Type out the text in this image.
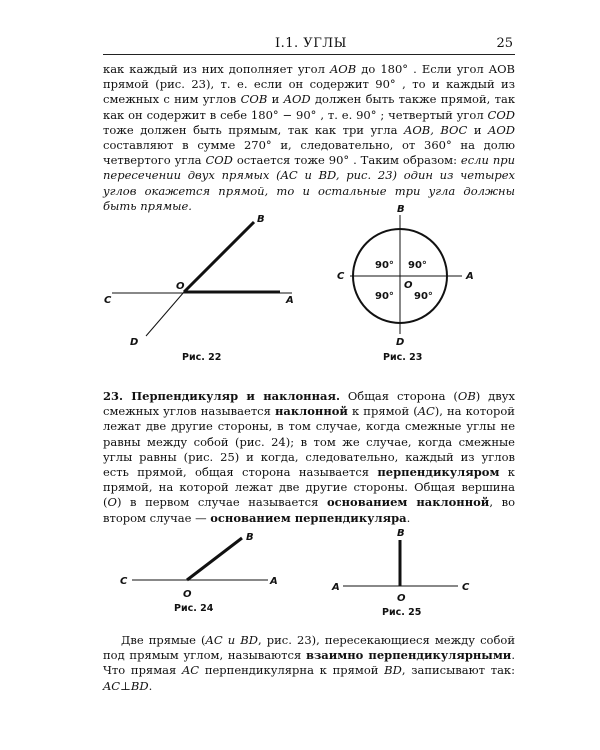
I.1. УГЛЫ	25

как каждый из них дополняет угол AOB до 180° . Если угол AOB прямой (рис. 23), т. е. если он содержит 90° , то и каждый из смежных с ним углов COB и AOD должен быть также прямой, так как он содержит в себе 180° − 90° , т. е. 90° ; четвертый угол COD тоже должен быть прямым, так как три угла AOB, BOC и AOD составляют в сумме 270° и, следовательно, от 360° на долю четвертого угла COD остается тоже 90° . Таким образом: если при пересечении двух прямых (AC и BD, рис. 23) один из четырех углов окажется прямой, то и остальные три угла должны быть прямые.

B
C
O
A
D
B
C	A
O
D
90° 90°
90° 90°
B
C	A
O
B
A	C
O
Рис. 22	Рис. 23
Рис. 24	Рис. 25

23. Перпендикуляр и наклонная. Общая сторона (OB) двух смежных углов называется наклонной к прямой (AC), на которой лежат две другие стороны, в том случае, когда смежные углы не равны между собой (рис. 24); в том же случае, когда смежные углы равны (рис. 25) и когда, следовательно, каждый из углов есть прямой, общая сторона называется перпендикуляром к прямой, на которой лежат две другие стороны. Общая вершина (O) в первом случае называется основанием наклонной, во втором случае — основанием перпендикуляра.

Две прямые (AC и BD, рис. 23), пересекающиеся между собой под прямым углом, называются взаимно перпендикулярными. Что прямая AC перпендикулярна к прямой BD, записывают так: AC⊥BD.
